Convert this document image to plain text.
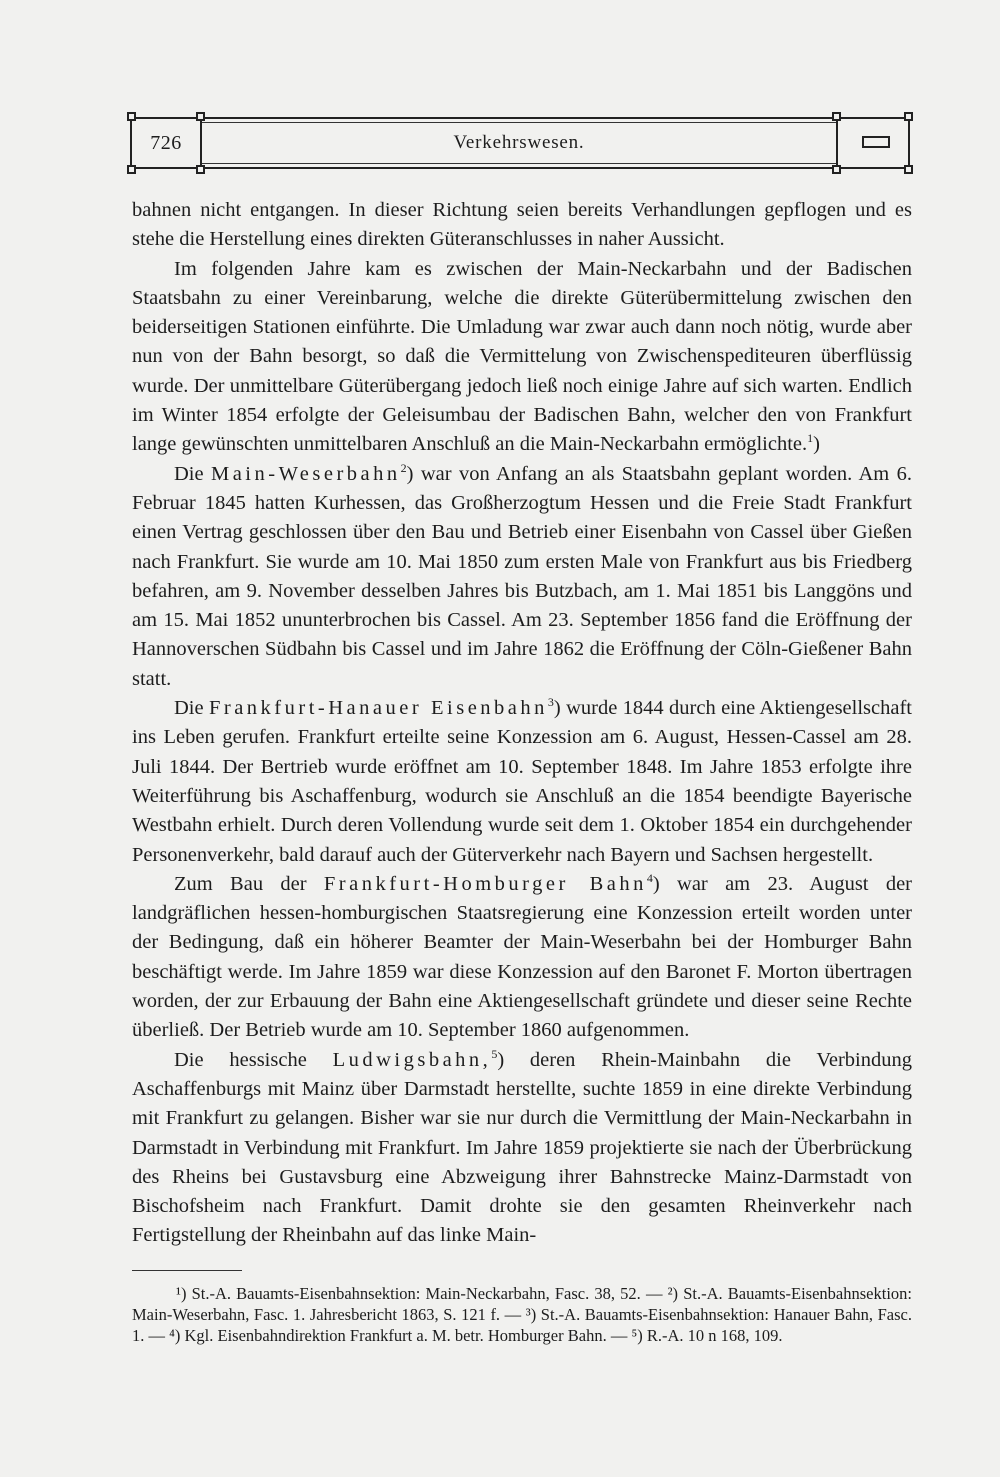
726	Verkehrswesen.

bahnen nicht entgangen. In dieser Richtung seien bereits Verhandlungen gepflogen und es stehe die Herstellung eines direkten Güteranschlusses in naher Aussicht.

Im folgenden Jahre kam es zwischen der Main-Neckarbahn und der Badischen Staatsbahn zu einer Vereinbarung, welche die direkte Güterübermittelung zwischen den beiderseitigen Stationen einführte. Die Umladung war zwar auch dann noch nötig, wurde aber nun von der Bahn besorgt, so daß die Vermittelung von Zwischenspediteuren überflüssig wurde. Der unmittelbare Güterübergang jedoch ließ noch einige Jahre auf sich warten. Endlich im Winter 1854 erfolgte der Geleisumbau der Badischen Bahn, welcher den von Frankfurt lange gewünschten unmittelbaren Anschluß an die Main-Neckarbahn ermöglichte.$^1$)

Die Main-Weserbahn$^2$) war von Anfang an als Staatsbahn geplant worden. Am 6. Februar 1845 hatten Kurhessen, das Großherzogtum Hessen und die Freie Stadt Frankfurt einen Vertrag geschlossen über den Bau und Betrieb einer Eisenbahn von Cassel über Gießen nach Frankfurt. Sie wurde am 10. Mai 1850 zum ersten Male von Frankfurt aus bis Friedberg befahren, am 9. November desselben Jahres bis Butzbach, am 1. Mai 1851 bis Langgöns und am 15. Mai 1852 ununterbrochen bis Cassel. Am 23. September 1856 fand die Eröffnung der Hannoverschen Südbahn bis Cassel und im Jahre 1862 die Eröffnung der Cöln-Gießener Bahn statt.

Die Frankfurt-Hanauer Eisenbahn$^3$) wurde 1844 durch eine Aktiengesellschaft ins Leben gerufen. Frankfurt erteilte seine Konzession am 6. August, Hessen-Cassel am 28. Juli 1844. Der Bertrieb wurde eröffnet am 10. September 1848. Im Jahre 1853 erfolgte ihre Weiterführung bis Aschaffenburg, wodurch sie Anschluß an die 1854 beendigte Bayerische Westbahn erhielt. Durch deren Vollendung wurde seit dem 1. Oktober 1854 ein durchgehender Personenverkehr, bald darauf auch der Güterverkehr nach Bayern und Sachsen hergestellt.

Zum Bau der Frankfurt-Homburger Bahn$^4$) war am 23. August der landgräflichen hessen-homburgischen Staatsregierung eine Konzession erteilt worden unter der Bedingung, daß ein höherer Beamter der Main-Weserbahn bei der Homburger Bahn beschäftigt werde. Im Jahre 1859 war diese Konzession auf den Baronet F. Morton übertragen worden, der zur Erbauung der Bahn eine Aktiengesellschaft gründete und dieser seine Rechte überließ. Der Betrieb wurde am 10. September 1860 aufgenommen.

Die hessische Ludwigsbahn,$^5$) deren Rhein-Mainbahn die Verbindung Aschaffenburgs mit Mainz über Darmstadt herstellte, suchte 1859 in eine direkte Verbindung mit Frankfurt zu gelangen. Bisher war sie nur durch die Vermittlung der Main-Neckarbahn in Darmstadt in Verbindung mit Frankfurt. Im Jahre 1859 projektierte sie nach der Überbrückung des Rheins bei Gustavsburg eine Abzweigung ihrer Bahnstrecke Mainz-Darmstadt von Bischofsheim nach Frankfurt. Damit drohte sie den gesamten Rheinverkehr nach Fertigstellung der Rheinbahn auf das linke Main-

¹) St.-A. Bauamts-Eisenbahnsektion: Main-Neckarbahn, Fasc. 38, 52. — ²) St.-A. Bauamts-Eisenbahnsektion: Main-Weserbahn, Fasc. 1. Jahresbericht 1863, S. 121 f. — ³) St.-A. Bauamts-Eisenbahnsektion: Hanauer Bahn, Fasc. 1. — ⁴) Kgl. Eisenbahndirektion Frankfurt a. M. betr. Homburger Bahn. — ⁵) R.-A. 10 n 168, 109.
